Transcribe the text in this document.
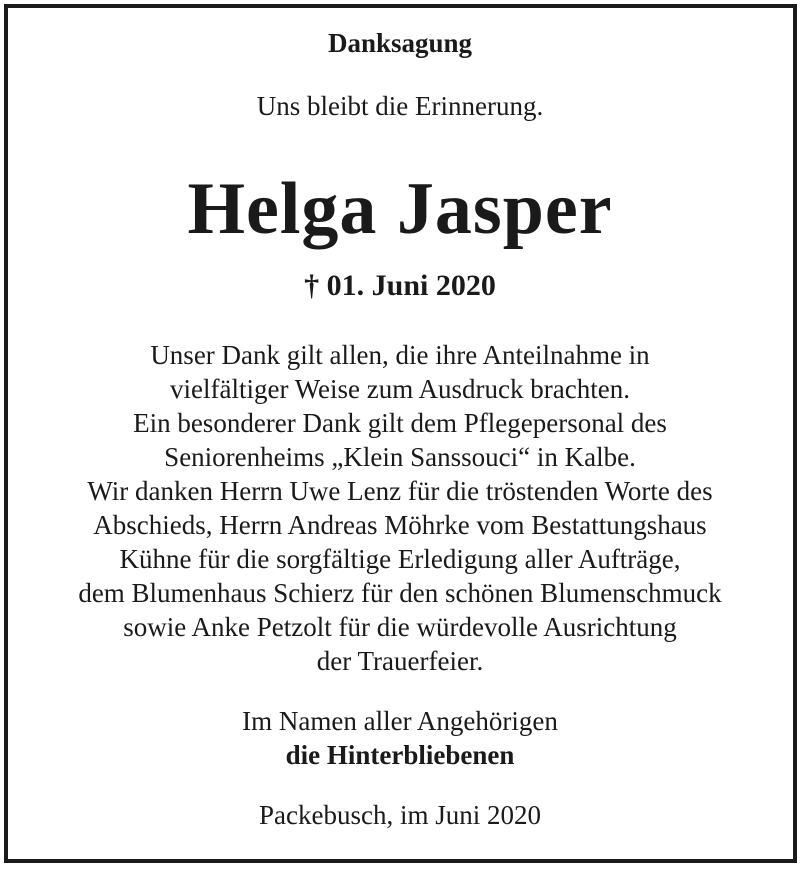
Danksagung

Uns bleibt die Erinnerung.

Helga Jasper

† 01. Juni 2020

Unser Dank gilt allen, die ihre Anteilnahme in
vielfältiger Weise zum Ausdruck brachten.
Ein besonderer Dank gilt dem Pflegepersonal des
Seniorenheims „Klein Sanssouci“ in Kalbe.
Wir danken Herrn Uwe Lenz für die tröstenden Worte des
Abschieds, Herrn Andreas Möhrke vom Bestattungshaus
Kühne für die sorgfältige Erledigung aller Aufträge,
dem Blumenhaus Schierz für den schönen Blumenschmuck
sowie Anke Petzolt für die würdevolle Ausrichtung
der Trauerfeier.

Im Namen aller Angehörigen

die Hinterbliebenen

Packebusch, im Juni 2020
